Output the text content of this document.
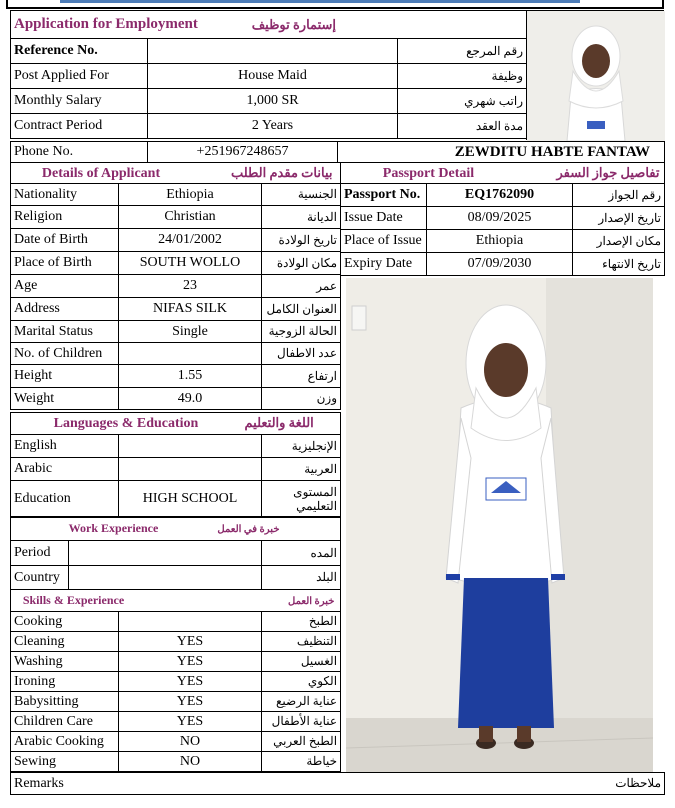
Application for Employment	إستمارة توظيف	
Reference No.		رقم المرجع
Post Applied For	House Maid	وظيفة
Monthly Salary	1,000 SR	راتب شهري
Contract Period	2 Years	مدة العقد
Phone No.	+251967248657	ZEWDITU HABTE FANTAW
Details of Applicant بيانات مقدم الطلب		
Nationality	Ethiopia	الجنسية
Religion	Christian	الديانة
Date of Birth	24/01/2002	تاريخ الولادة
Place of Birth	SOUTH WOLLO	مكان الولادة
Age	23	عمر
Address	NIFAS SILK	العنوان الكامل
Marital Status	Single	الحالة الزوجية
No. of Children		عدد الاطفال
Height	1.55	ارتفاع
Weight	49.0	وزن
Languages & Education اللغة والتعليم		
English		الإنجليزية
Arabic		العربية
Education	HIGH SCHOOL	المستوى التعليمي
Work Experience خبرة في العمل		
Period		المده
Country		البلد
Skills & Experience خبرة العمل		
Cooking		الطبخ
Cleaning	YES	التنظيف
Washing	YES	الغسيل
Ironing	YES	الكوي
Babysitting	YES	عناية الرضيع
Children Care	YES	عناية الأطفال
Arabic Cooking	NO	الطبخ العربي
Sewing	NO	خياطة
Remarks	ملاحظات
Passport Detail تفاصيل جواز السفر		
Passport No.	EQ1762090	رقم الجواز
Issue Date	08/09/2025	تاريخ الإصدار
Place of Issue	Ethiopia	مكان الإصدار
Expiry Date	07/09/2030	تاريخ الانتهاء
